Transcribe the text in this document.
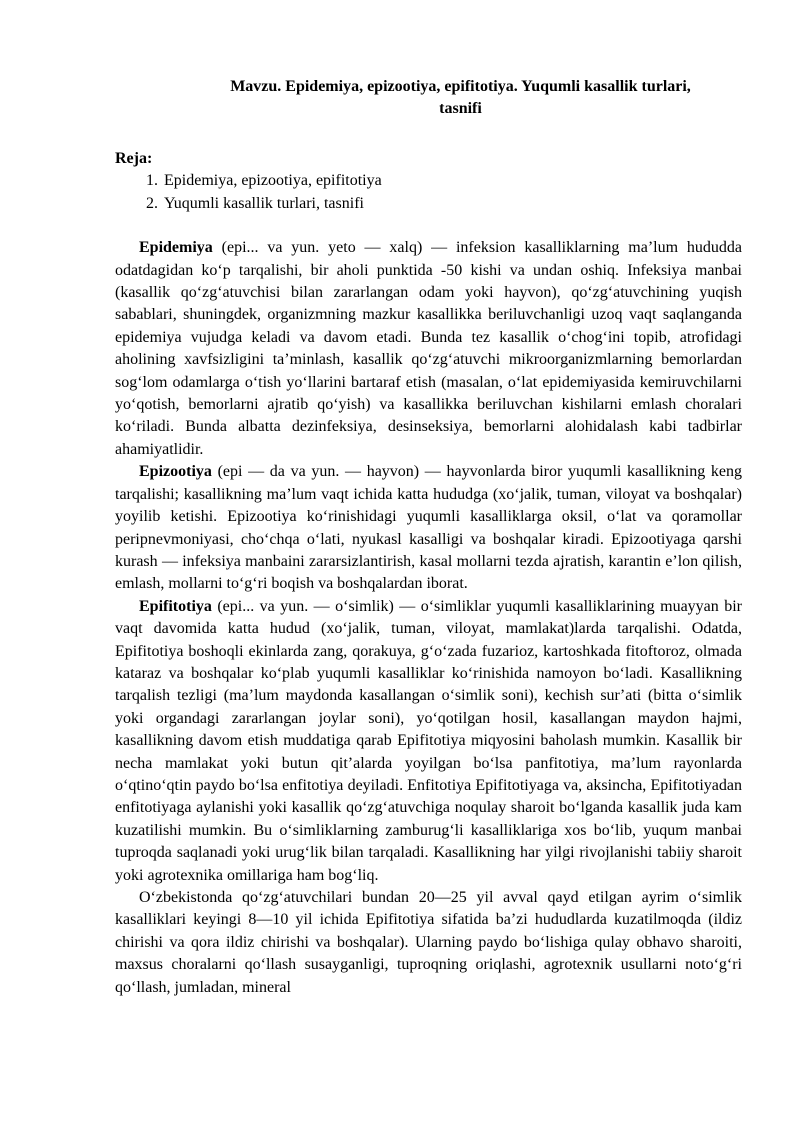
Mavzu. Epidemiya, epizootiya, epifitotiya. Yuqumli kasallik turlari,
tasnifi
Reja:
1. Epidemiya, epizootiya, epifitotiya
2. Yuqumli kasallik turlari, tasnifi

Epidemiya (epi... va yun. yeto — xalq) — infeksion kasalliklarning maʼlum hududda odatdagidan koʻp tarqalishi, bir aholi punktida -50 kishi va undan oshiq. Infeksiya manbai (kasallik qoʻzgʻatuvchisi bilan zararlangan odam yoki hayvon), qoʻzgʻatuvchining yuqish sabablari, shuningdek, organizmning mazkur kasallikka beriluvchanligi uzoq vaqt saqlanganda epidemiya vujudga keladi va davom etadi. Bunda tez kasallik oʻchogʻini topib, atrofidagi aholining xavfsizligini taʼminlash, kasallik qoʻzgʻatuvchi mikroorganizmlarning bemorlardan sogʻlom odamlarga oʻtish yoʻllarini bartaraf etish (masalan, oʻlat epidemiyasida kemiruvchilarni yoʻqotish, bemorlarni ajratib qoʻyish) va kasallikka beriluvchan kishilarni emlash choralari koʻriladi. Bunda albatta dezinfeksiya, desinseksiya, bemorlarni alohidalash kabi tadbirlar ahamiyatlidir.

Epizootiya (epi — da va yun. — hayvon) — hayvonlarda biror yuqumli kasallikning keng tarqalishi; kasallikning maʼlum vaqt ichida katta hududga (xoʻjalik, tuman, viloyat va boshqalar) yoyilib ketishi. Epizootiya koʻrinishidagi yuqumli kasalliklarga oksil, oʻlat va qoramollar peripnevmoniyasi, choʻchqa oʻlati, nyukasl kasalligi va boshqalar kiradi. Epizootiyaga qarshi kurash — infeksiya manbaini zararsizlantirish, kasal mollarni tezda ajratish, karantin eʼlon qilish, emlash, mollarni toʻgʻri boqish va boshqalardan iborat.

Epifitotiya (epi... va yun. — oʻsimlik) — oʻsimliklar yuqumli kasalliklarining muayyan bir vaqt davomida katta hudud (xoʻjalik, tuman, viloyat, mamlakat)larda tarqalishi. Odatda, Epifitotiya boshoqli ekinlarda zang, qorakuya, gʻoʻzada fuzarioz, kartoshkada fitoftoroz, olmada kataraz va boshqalar koʻplab yuqumli kasalliklar koʻrinishida namoyon boʻladi. Kasallikning tarqalish tezligi (maʼlum maydonda kasallangan oʻsimlik soni), kechish surʼati (bitta oʻsimlik yoki organdagi zararlangan joylar soni), yoʻqotilgan hosil, kasallangan maydon hajmi, kasallikning davom etish muddatiga qarab Epifitotiya miqyosini baholash mumkin. Kasallik bir necha mamlakat yoki butun qitʼalarda yoyilgan boʻlsa panfitotiya, maʼlum rayonlarda oʻqtinoʻqtin paydo boʻlsa enfitotiya deyiladi. Enfitotiya Epifitotiyaga va, aksincha, Epifitotiyadan enfitotiyaga aylanishi yoki kasallik qoʻzgʻatuvchiga noqulay sharoit boʻlganda kasallik juda kam kuzatilishi mumkin. Bu oʻsimliklarning zamburugʻli kasalliklariga xos boʻlib, yuqum manbai tuproqda saqlanadi yoki urugʻlik bilan tarqaladi. Kasallikning har yilgi rivojlanishi tabiiy sharoit yoki agrotexnika omillariga ham bogʻliq.

Oʻzbekistonda qoʻzgʻatuvchilari bundan 20—25 yil avval qayd etilgan ayrim oʻsimlik kasalliklari keyingi 8—10 yil ichida Epifitotiya sifatida baʼzi hududlarda kuzatilmoqda (ildiz chirishi va qora ildiz chirishi va boshqalar). Ularning paydo boʻlishiga qulay obhavo sharoiti, maxsus choralarni qoʻllash susayganligi, tuproqning oriqlashi, agrotexnik usullarni notoʻgʻri qoʻllash, jumladan, mineral
